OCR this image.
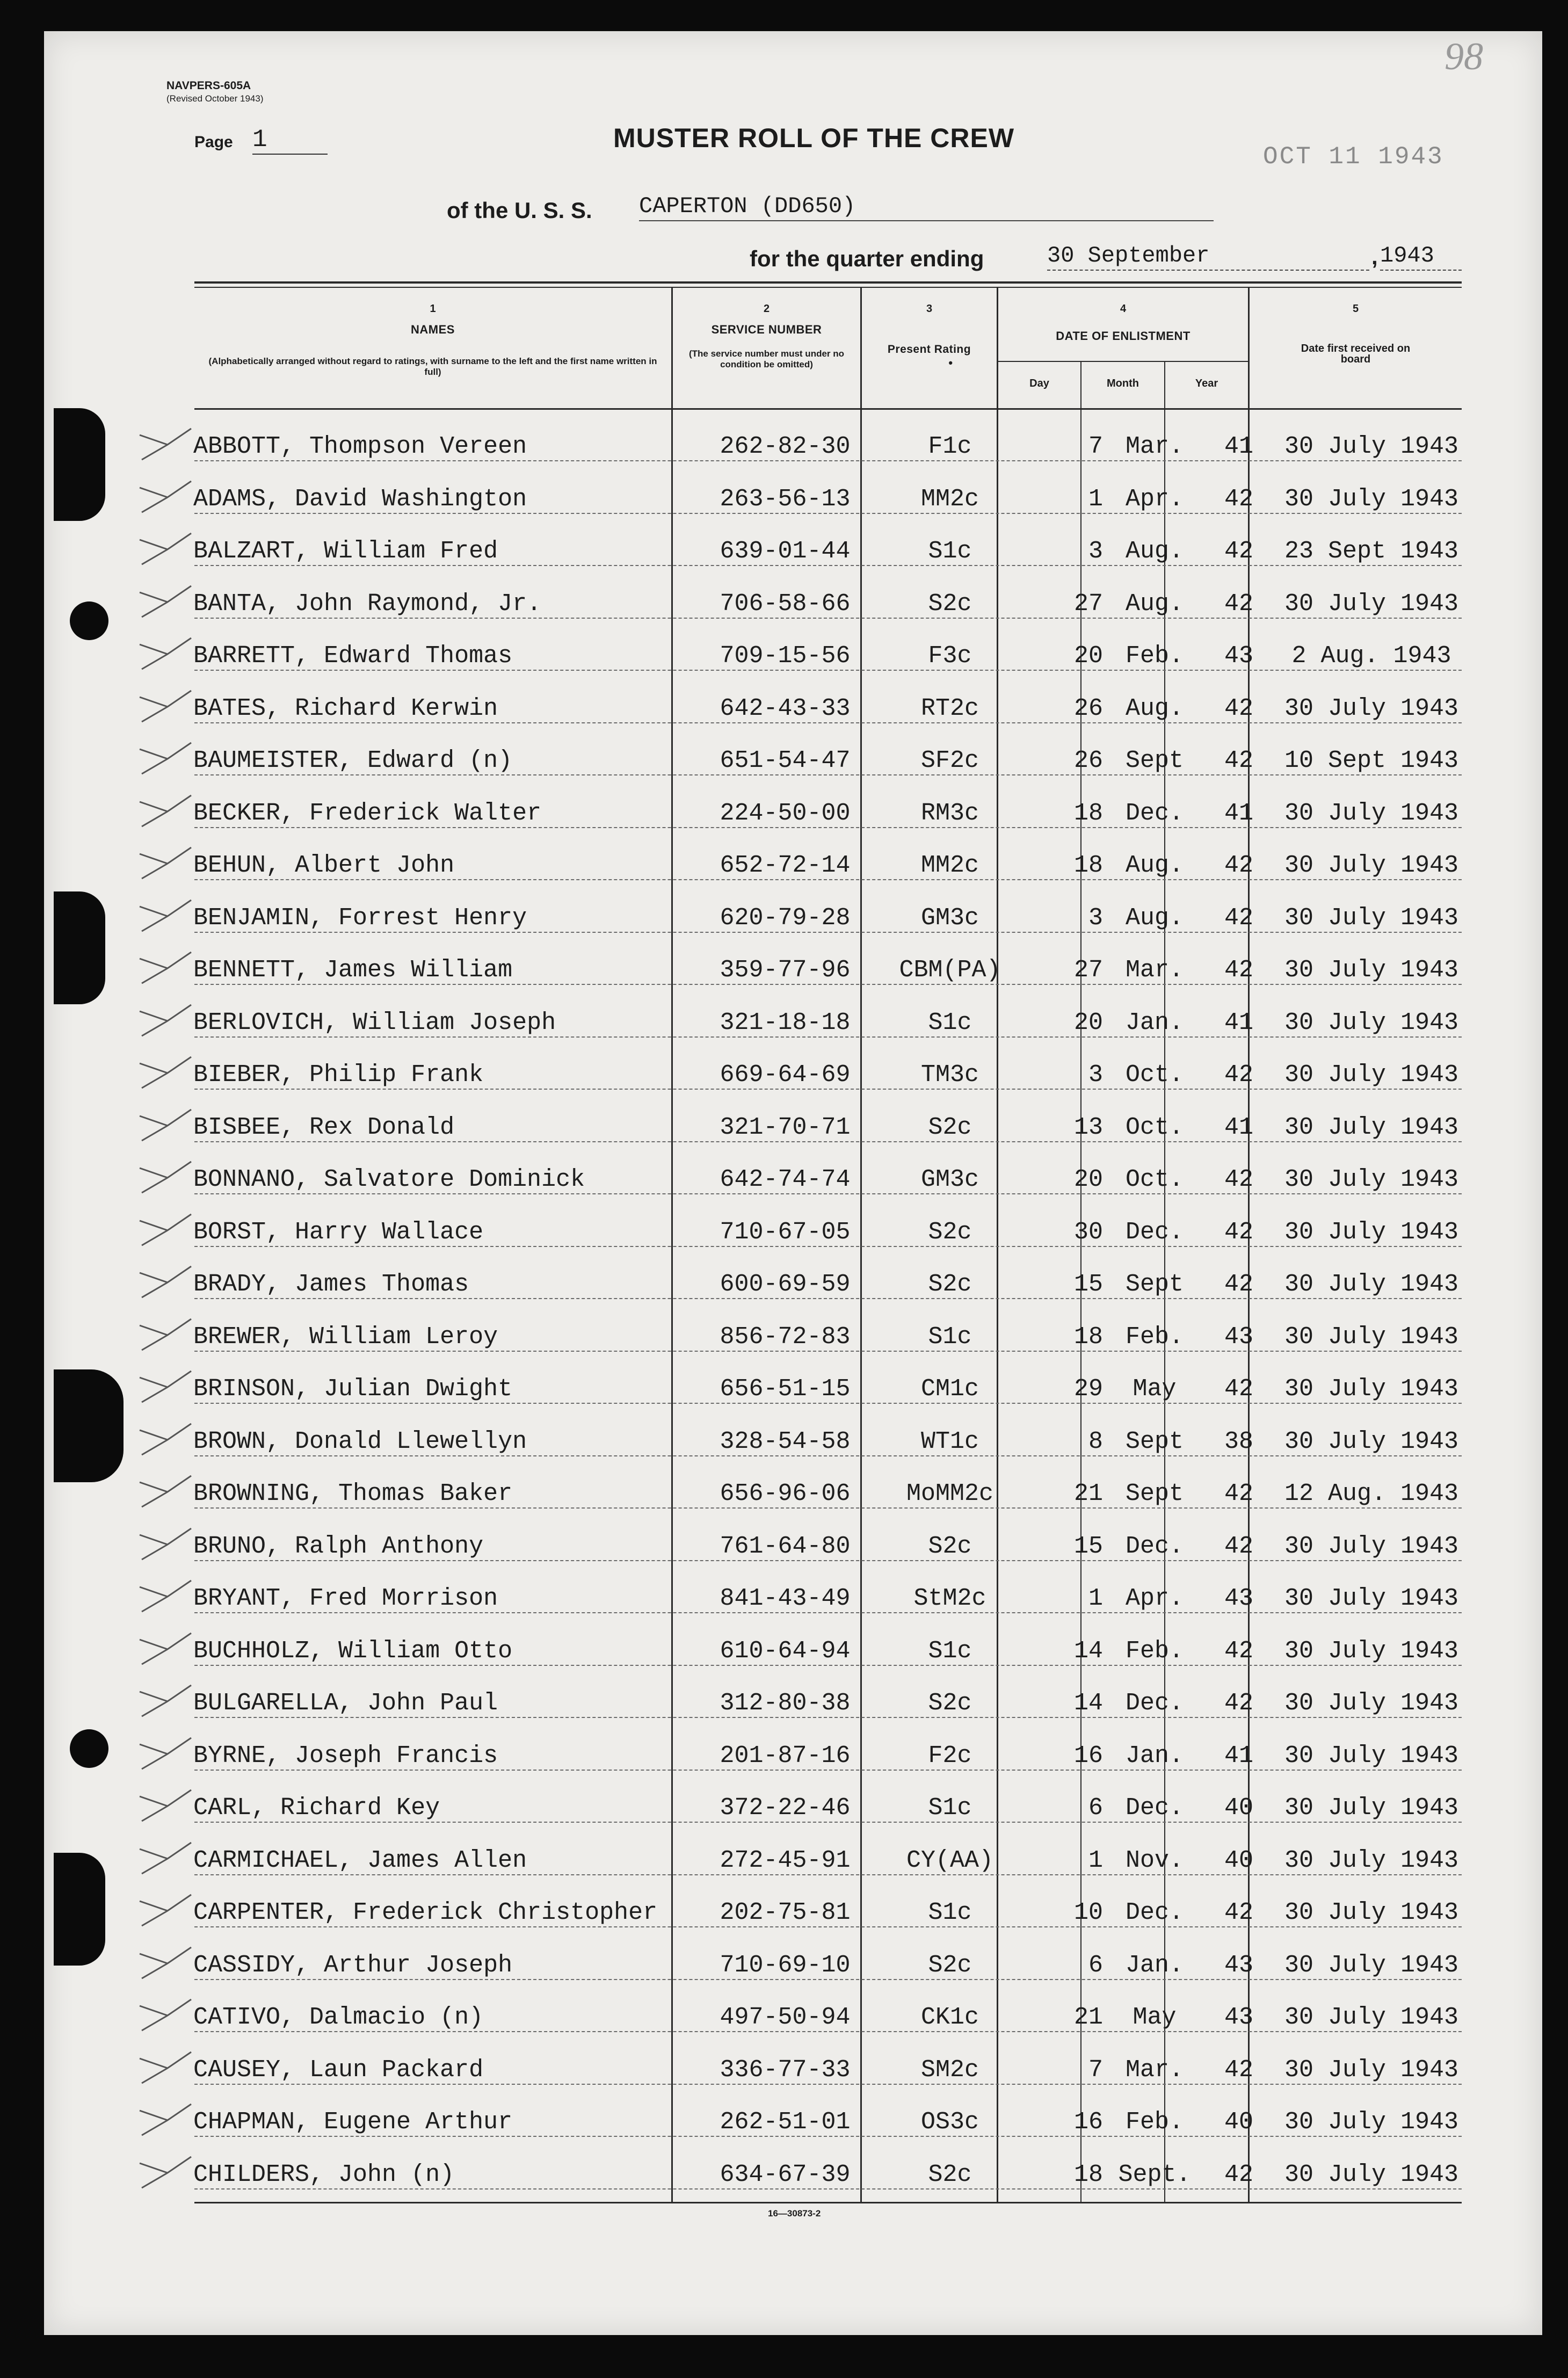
NAVPERS-605A
(Revised October 1943)
98
Page 1	MUSTER ROLL OF THE CREW
OCT 11 1943
of the U. S. S. CAPERTON (DD650)
for the quarter ending	30 September	, 1943
1
NAMES
(Alphabetically arranged without regard to ratings, with surname to the left and the first name written in full)
2
SERVICE NUMBER
(The service number must under no condition be omitted)
3
Present Rating
•
4
DATE OF ENLISTMENT
Day	Month	Year
5
Date first received on board
ABBOTT, Thompson Vereen	262-82-30	F1c	7 Mar.	41	30 July 1943
ADAMS, David Washington	263-56-13	MM2c	1 Apr.	42	30 July 1943
BALZART, William Fred	639-01-44	S1c	3 Aug.	42	23 Sept 1943
BANTA, John Raymond, Jr.	706-58-66	S2c	27 Aug.	42	30 July 1943
BARRETT, Edward Thomas	709-15-56	F3c	20 Feb.	43	2 Aug. 1943
BATES, Richard Kerwin	642-43-33	RT2c	26 Aug.	42	30 July 1943
BAUMEISTER, Edward (n)	651-54-47	SF2c	26 Sept	42	10 Sept 1943
BECKER, Frederick Walter	224-50-00	RM3c	18 Dec.	41	30 July 1943
BEHUN, Albert John	652-72-14	MM2c	18 Aug.	42	30 July 1943
BENJAMIN, Forrest Henry	620-79-28	GM3c	3 Aug.	42	30 July 1943
BENNETT, James William	359-77-96	CBM(PA)	27 Mar.	42	30 July 1943
BERLOVICH, William Joseph	321-18-18	S1c	20 Jan.	41	30 July 1943
BIEBER, Philip Frank	669-64-69	TM3c	3 Oct.	42	30 July 1943
BISBEE, Rex Donald	321-70-71	S2c	13 Oct.	41	30 July 1943
BONNANO, Salvatore Dominick	642-74-74	GM3c	20 Oct.	42	30 July 1943
BORST, Harry Wallace	710-67-05	S2c	30 Dec.	42	30 July 1943
BRADY, James Thomas	600-69-59	S2c	15 Sept	42	30 July 1943
BREWER, William Leroy	856-72-83	S1c	18 Feb.	43	30 July 1943
BRINSON, Julian Dwight	656-51-15	CM1c	29	May	42	30 July 1943
BROWN, Donald Llewellyn	328-54-58	WT1c	8 Sept	38	30 July 1943
BROWNING, Thomas Baker	656-96-06	MoMM2c	21 Sept	42	12 Aug. 1943
BRUNO, Ralph Anthony	761-64-80	S2c	15 Dec.	42	30 July 1943
BRYANT, Fred Morrison	841-43-49	StM2c	1 Apr.	43	30 July 1943
BUCHHOLZ, William Otto	610-64-94	S1c	14 Feb.	42	30 July 1943
BULGARELLA, John Paul	312-80-38	S2c	14 Dec.	42	30 July 1943
BYRNE, Joseph Francis	201-87-16	F2c	16 Jan.	41	30 July 1943
CARL, Richard Key	372-22-46	S1c	6 Dec.	40	30 July 1943
CARMICHAEL, James Allen	272-45-91	CY(AA)	1 Nov.	40	30 July 1943
CARPENTER, Frederick Christopher	202-75-81	S1c	10 Dec.	42	30 July 1943
CASSIDY, Arthur Joseph	710-69-10	S2c	6 Jan.	43	30 July 1943
CATIVO, Dalmacio (n)	497-50-94	CK1c	21	May	43	30 July 1943
CAUSEY, Laun Packard	336-77-33	SM2c	7 Mar.	42	30 July 1943
CHAPMAN, Eugene Arthur	262-51-01	OS3c	16 Feb.	40	30 July 1943
CHILDERS, John (n)	634-67-39	S2c	18 Sept.	42	30 July 1943
16—30873-2
